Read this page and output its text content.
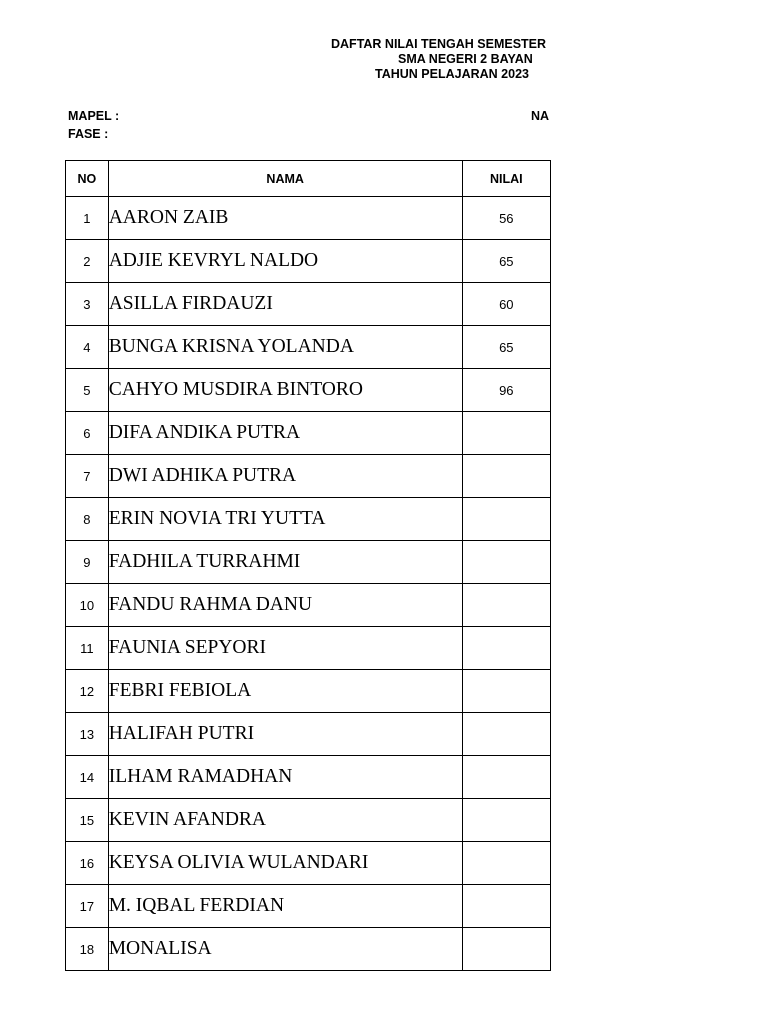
DAFTAR NILAI TENGAH SEMESTER
SMA NEGERI 2 BAYAN
TAHUN PELAJARAN 2023
MAPEL :
FASE :
NA
NO	NAMA	NILAI
1	AARON ZAIB	56
2	ADJIE KEVRYL NALDO	65
3	ASILLA FIRDAUZI	60
4	BUNGA KRISNA YOLANDA	65
5	CAHYO MUSDIRA BINTORO	96
6	DIFA ANDIKA PUTRA	
7	DWI ADHIKA PUTRA	
8	ERIN NOVIA TRI YUTTA	
9	FADHILA TURRAHMI	
10	FANDU RAHMA DANU	
11	FAUNIA SEPYORI	
12	FEBRI FEBIOLA	
13	HALIFAH PUTRI	
14	ILHAM RAMADHAN	
15	KEVIN AFANDRA	
16	KEYSA OLIVIA WULANDARI	
17	M. IQBAL FERDIAN	
18	MONALISA	
